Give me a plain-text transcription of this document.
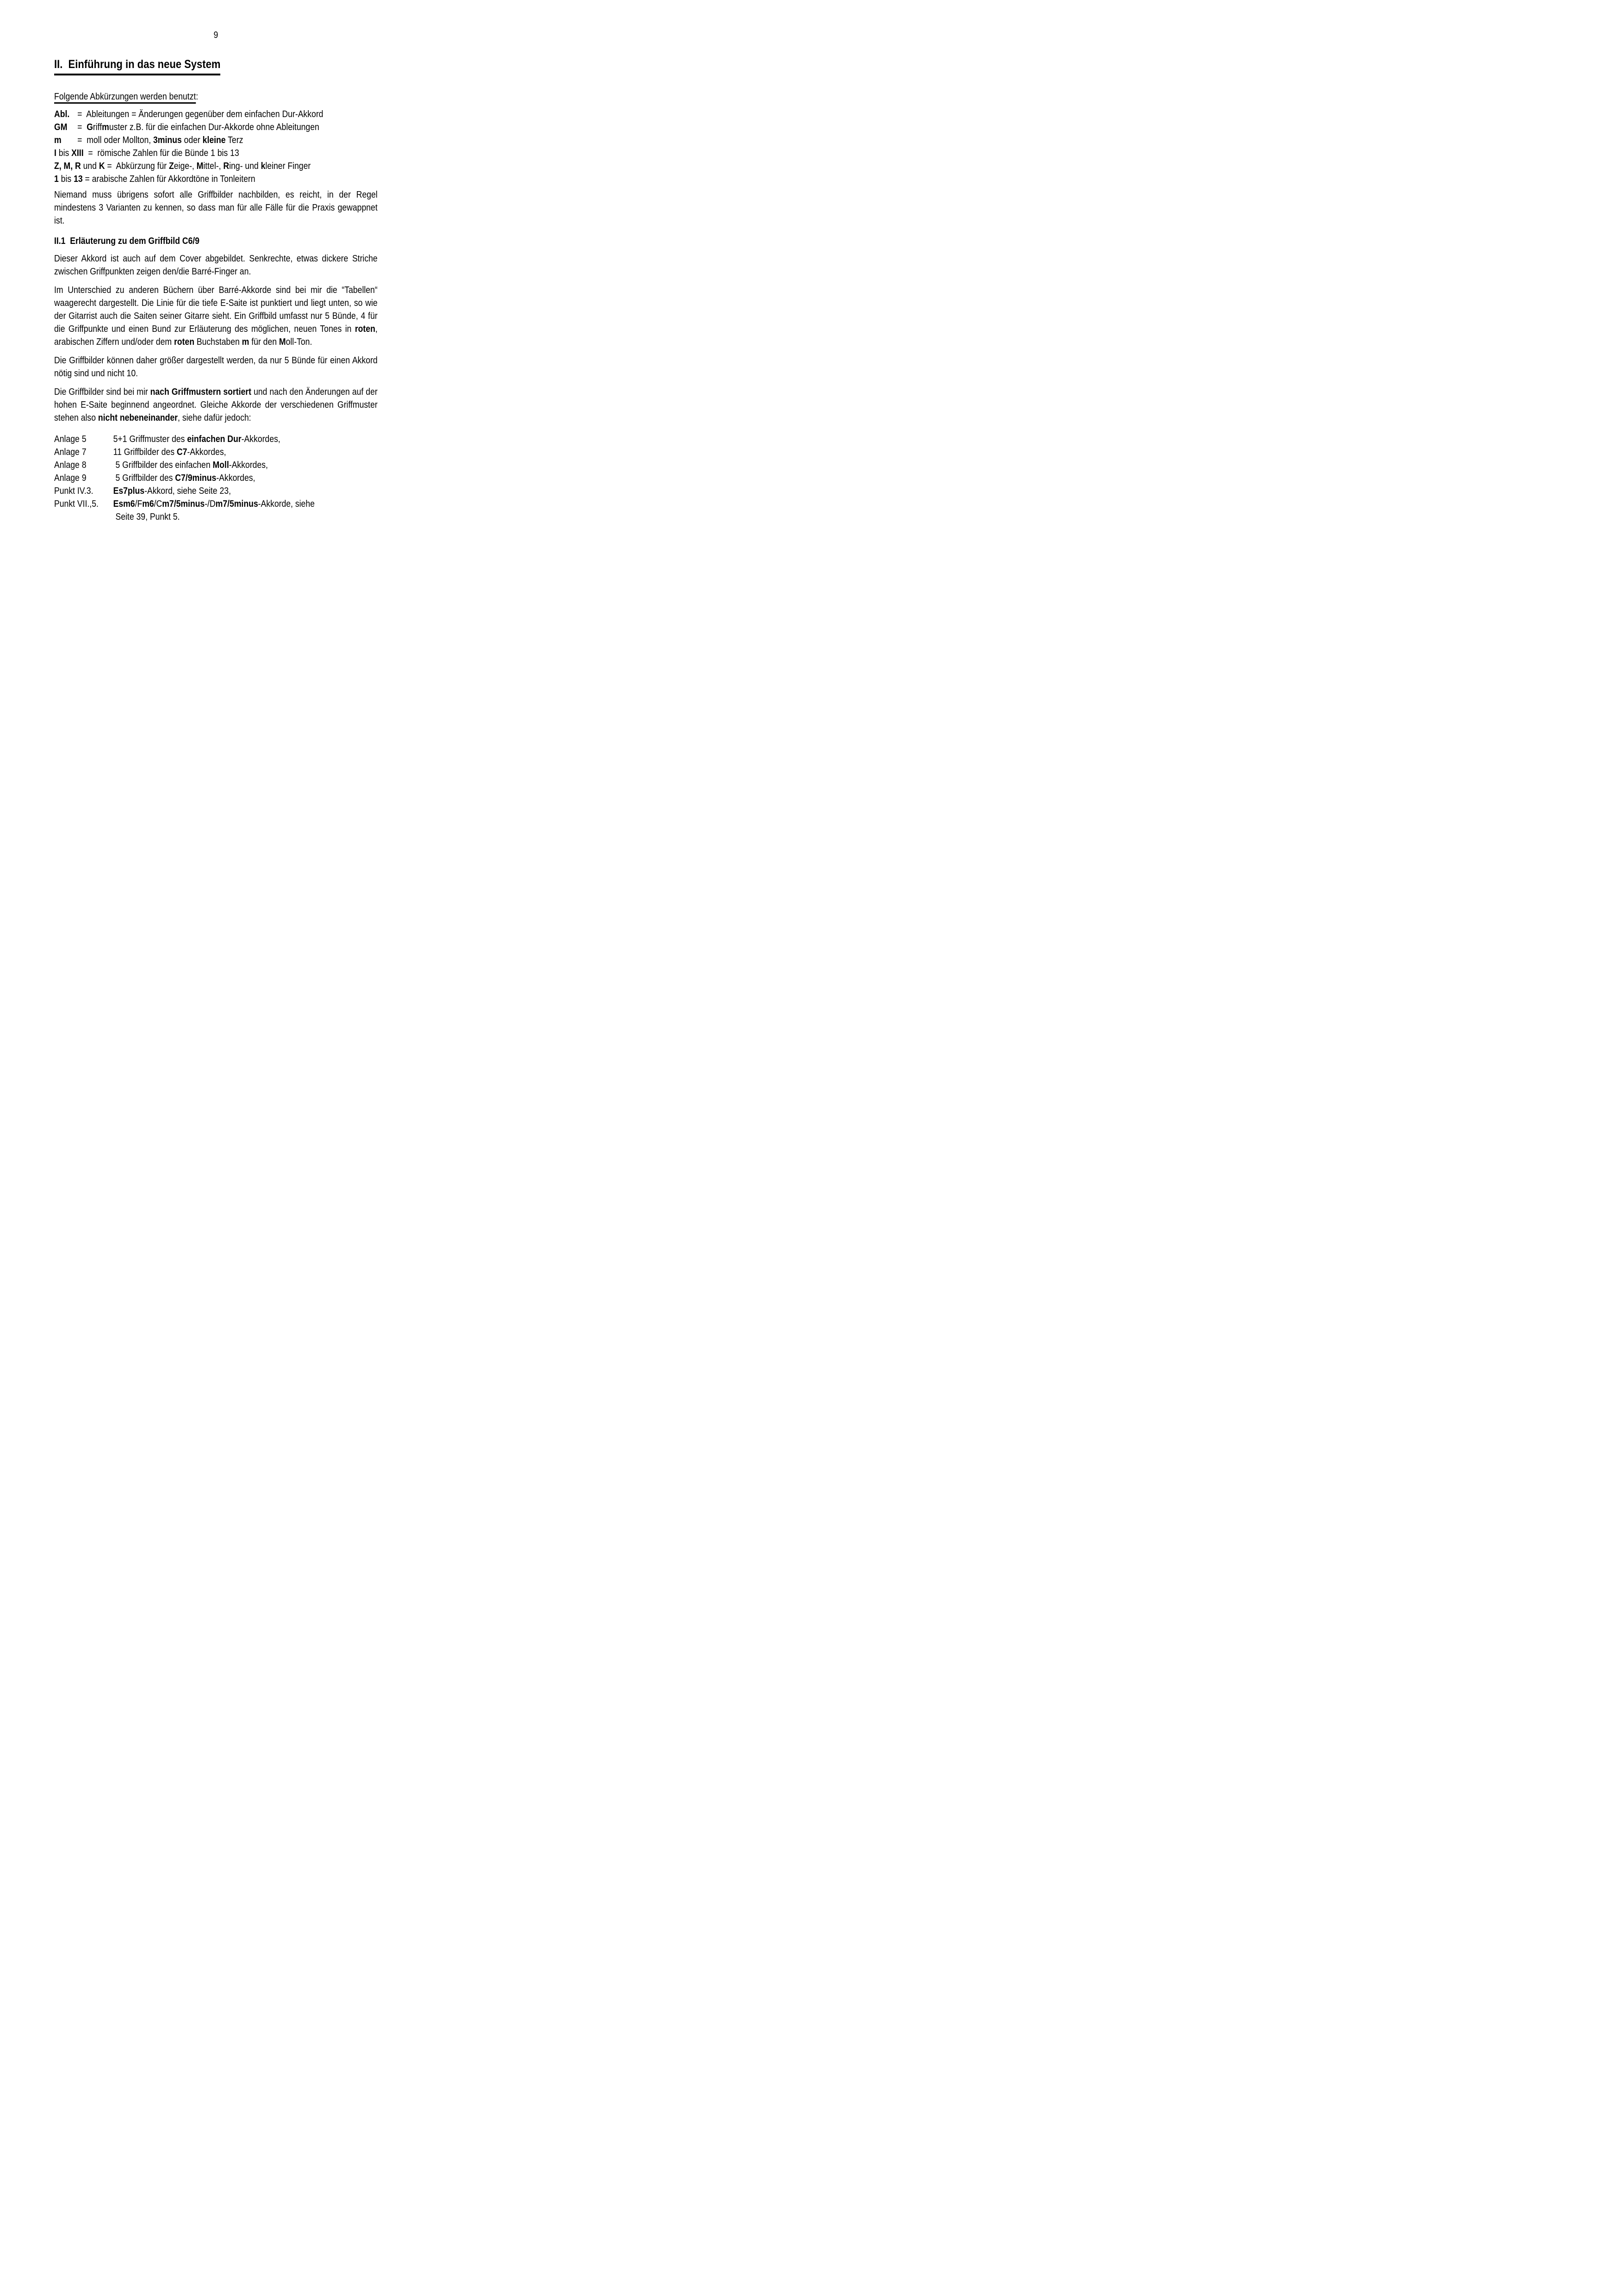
9

II.  Einführung in das neue System

Folgende Abkürzungen werden benutzt:

Abl. =  Ableitungen = Änderungen gegenüber dem einfachen Dur-Akkord

GM =  Griffmuster z.B. für die einfachen Dur-Akkorde ohne Ableitungen

m =  moll oder Mollton, 3minus oder kleine Terz

I bis XIII  =  römische Zahlen für die Bünde 1 bis 13

Z, M, R und K =  Abkürzung für Zeige-, Mittel-, Ring- und kleiner Finger

1 bis 13 = arabische Zahlen für Akkordtöne in Tonleitern

Niemand muss übrigens sofort alle Griffbilder nachbilden, es reicht, in der Regel mindestens 3 Varianten zu kennen, so dass man für alle Fälle für die Praxis gewappnet ist.

II.1  Erläuterung zu dem Griffbild C6/9

Dieser Akkord ist auch auf dem Cover abgebildet. Senkrechte, etwas dickere Striche zwischen Griffpunkten zeigen den/die Barré-Finger an.

Im Unterschied zu anderen Büchern über Barré-Akkorde sind bei mir die “Tabellen“ waagerecht dargestellt. Die Linie für die tiefe E-Saite ist punktiert und liegt unten, so wie der Gitarrist auch die Saiten seiner Gitarre sieht. Ein Griffbild umfasst nur 5 Bünde, 4 für die Griffpunkte und einen Bund zur Erläuterung des möglichen, neuen Tones in roten, arabischen Ziffern und/oder dem roten Buchstaben m für den Moll-Ton.

Die Griffbilder können daher größer dargestellt werden, da nur 5 Bünde für einen Akkord nötig sind und nicht 10.

Die Griffbilder sind bei mir nach Griffmustern sortiert und nach den Änderungen auf der hohen E-Saite beginnend angeordnet. Gleiche Akkorde der verschiedenen Griffmuster stehen also nicht nebeneinander, siehe dafür jedoch:

Anlage 5	5+1 Griffmuster des einfachen Dur-Akkordes,

Anlage 7	11 Griffbilder des C7-Akkordes,

Anlage 8	5 Griffbilder des einfachen Moll-Akkordes,

Anlage 9	5 Griffbilder des C7/9minus-Akkordes,

Punkt IV.3. Es7plus-Akkord, siehe Seite 23,

Punkt VII.,5. Esm6/Fm6/Cm7/5minus-/Dm7/5minus-Akkorde, siehe

Seite 39, Punkt 5.
